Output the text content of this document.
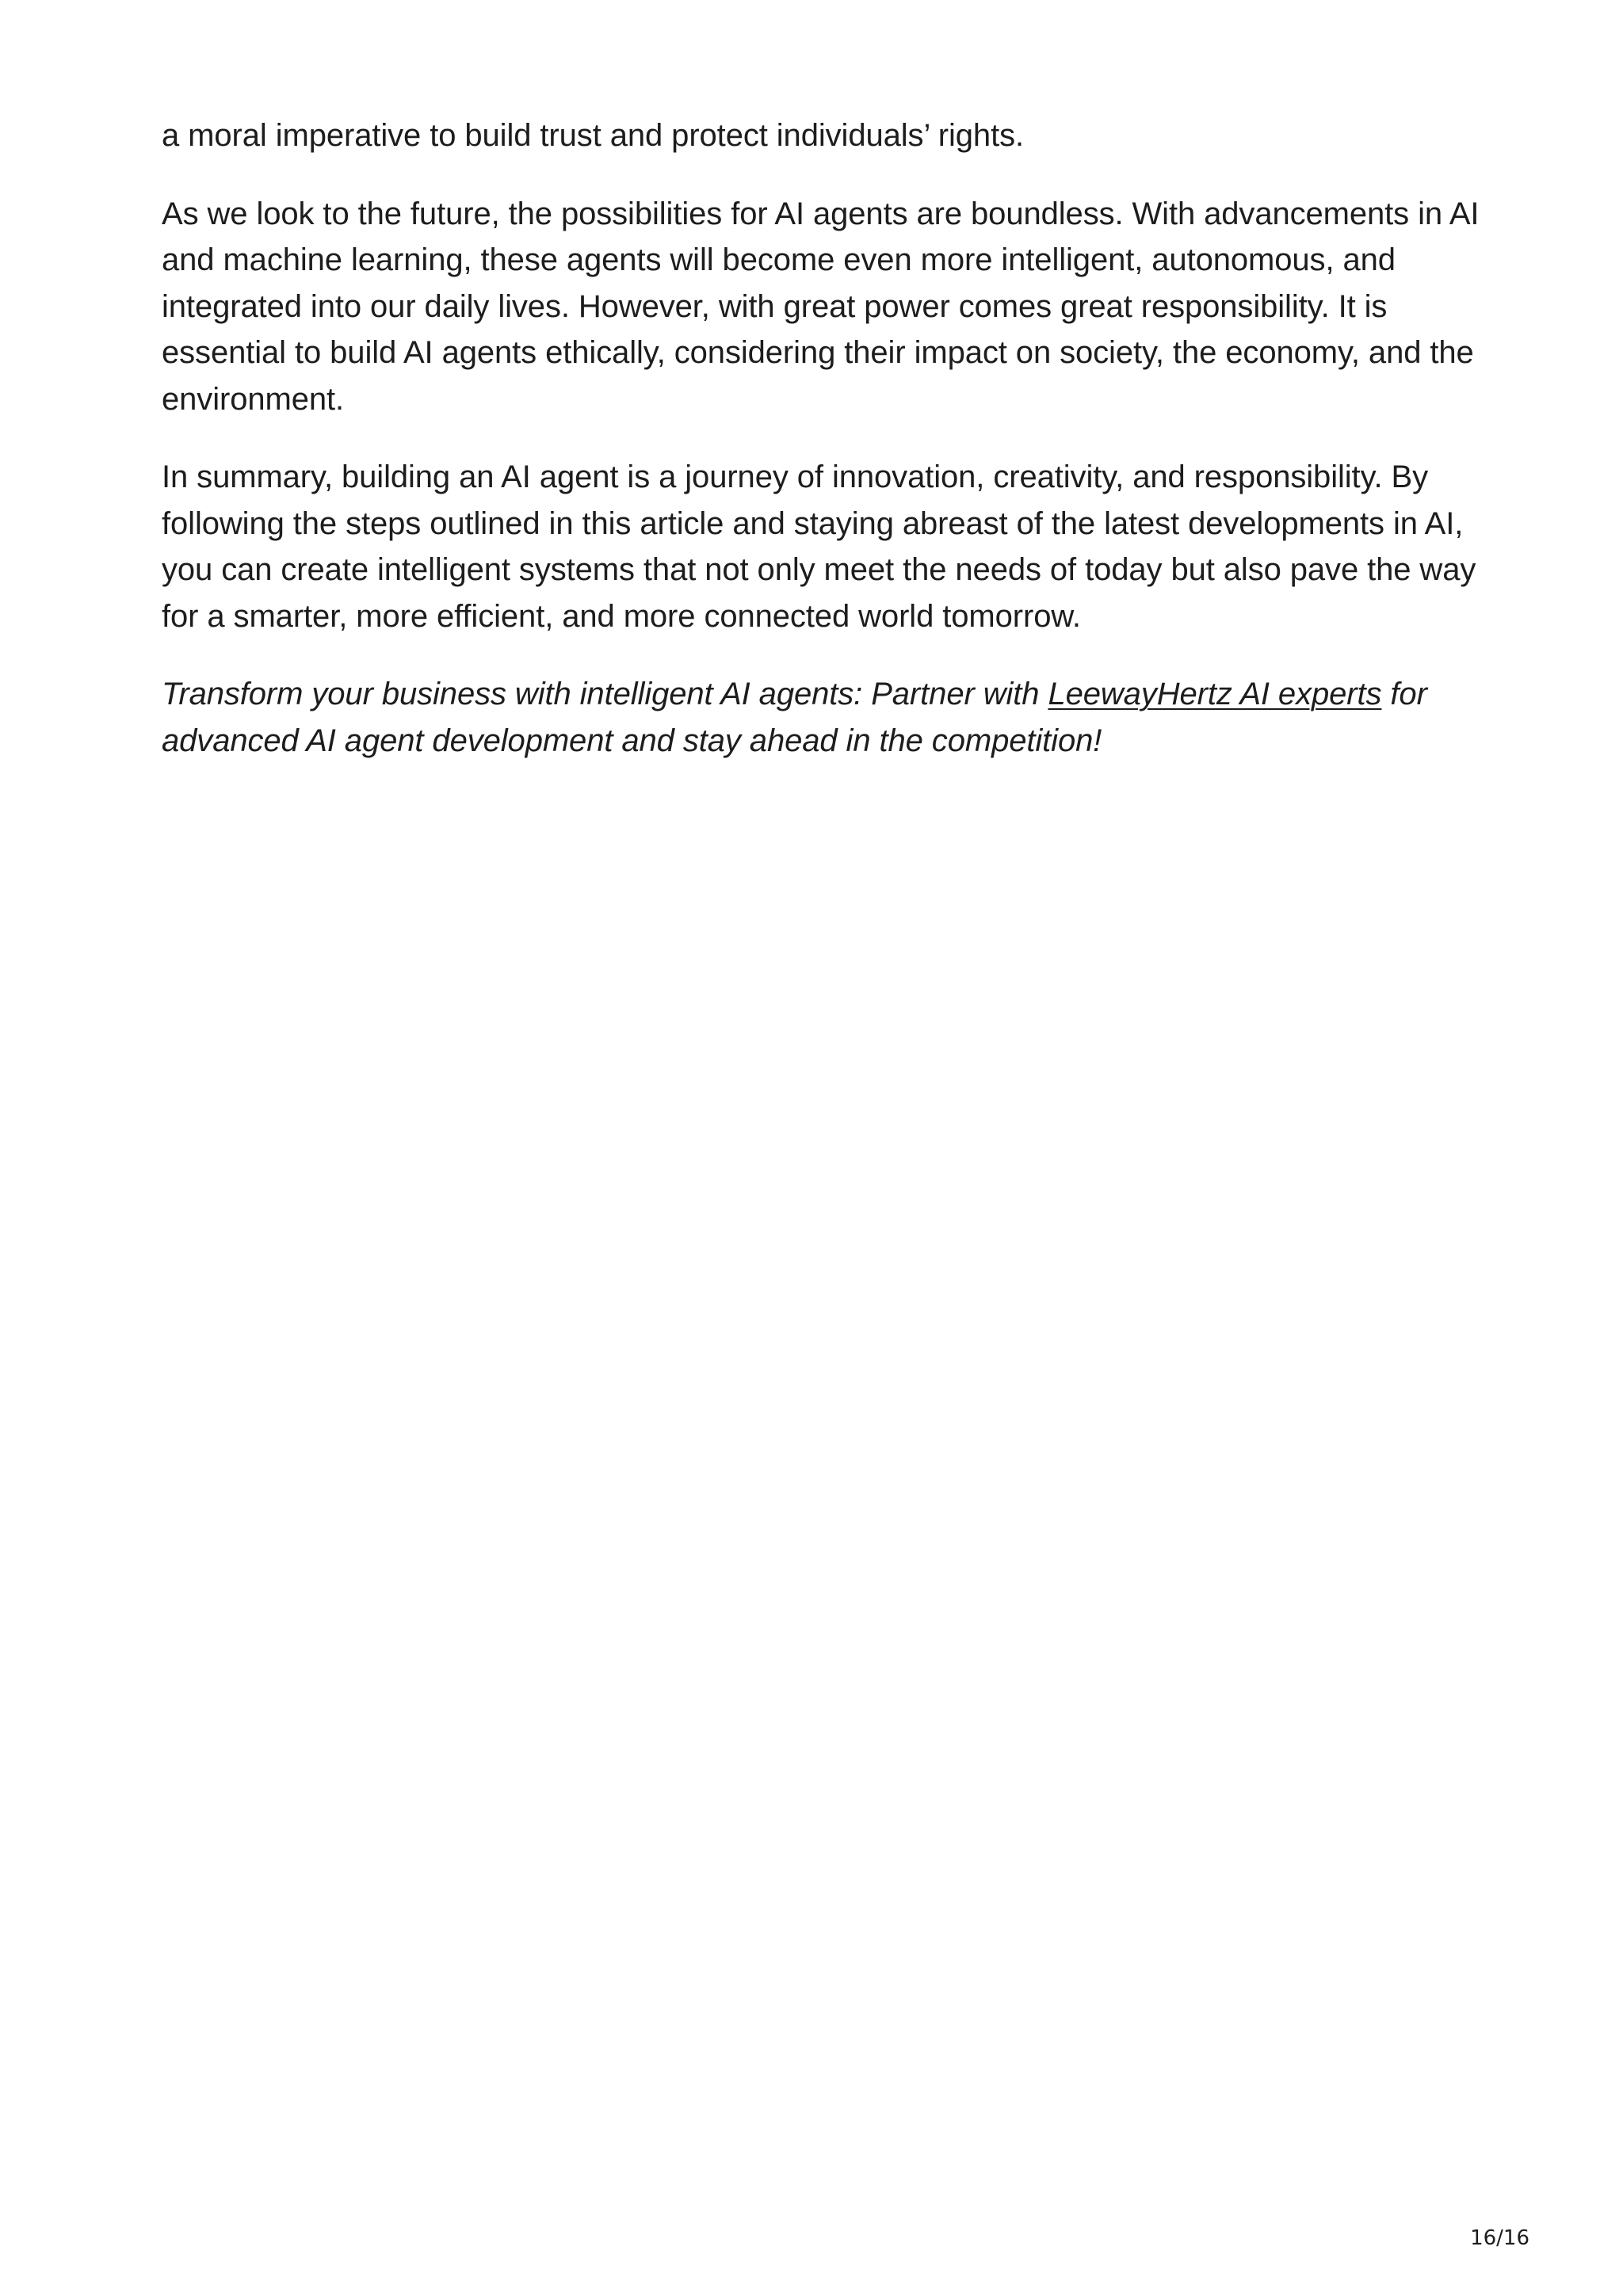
a moral imperative to build trust and protect individuals’ rights.

As we look to the future, the possibilities for AI agents are boundless. With advancements in AI and machine learning, these agents will become even more intelligent, autonomous, and integrated into our daily lives. However, with great power comes great responsibility. It is essential to build AI agents ethically, considering their impact on society, the economy, and the environment.

In summary, building an AI agent is a journey of innovation, creativity, and responsibility. By following the steps outlined in this article and staying abreast of the latest developments in AI, you can create intelligent systems that not only meet the needs of today but also pave the way for a smarter, more efficient, and more connected world tomorrow.

Transform your business with intelligent AI agents: Partner with LeewayHertz AI experts for advanced AI agent development and stay ahead in the competition!

16/16
